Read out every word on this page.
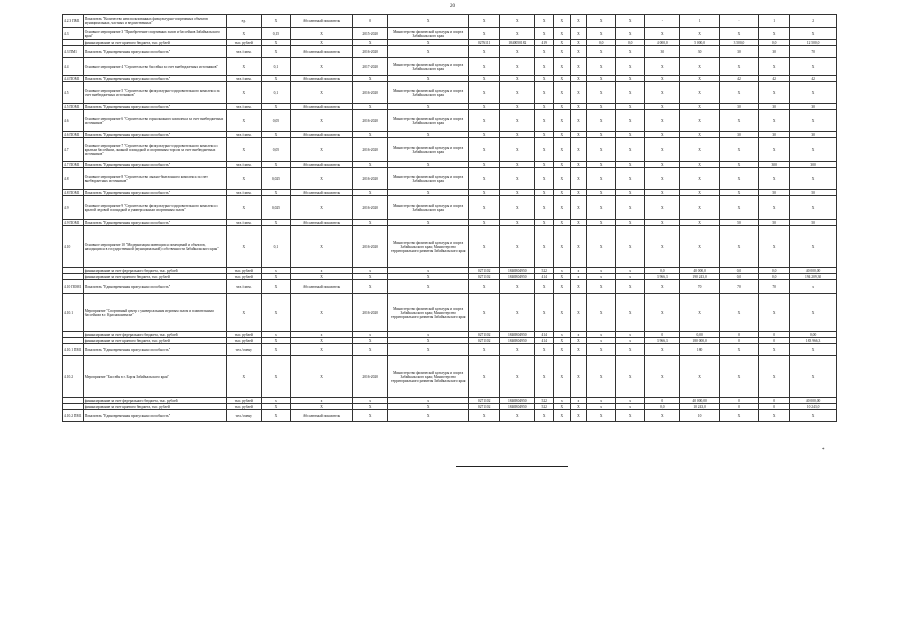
20
4.2.3 ПМ1	Показатель "Количество неиспользованных физкультурно-спортивных объектов муниципальных, частных и ведомственных"	ед.	X	Абсолютный показатель	0	X	X	X	X	X	X	X	X	-	1	-	1	2
4.3	Основное мероприятие 3 "Приобретение спортивных залов и бассейнов Забайкальского края"	X	0,15	X	2015-2020	Министерство физической культуры и спорта Забайкальского края	X	X	X	X	X	X	X	X	X	X	X	X
	финансирование за счет краевого бюджета, тыс. рублей	тыс. рублей	X	X	X	X	0276111	1840050182	419	X	X	0,0	0,0	4 000,0	5 000,0	3 500,0	0,0	12 500,0
4.3 ПМ1	Показатель "Единовременная пропускная способность"	чел./смен.	X	Абсолютный показатель	2016-2020	X	X	X	X	X	X	X	X	30	30	30	30	70
4.4	Основное мероприятие 4 "Строительство бассейна за счет внебюджетных источников"	X	0,1	X	2017-2020	Министерство физической культуры и спорта Забайкальского края	X	X	X	X	X	X	X	X	X	X	X	X
4.4 ПОМ1	Показатель "Единовременная пропускная способность"	чел./смен.	X	Абсолютный показатель	X	X	X	X	X	X	X	X	X	X	X	42	42	42
4.5	Основное мероприятие 5 "Строительство физкультурно-оздоровительного комплекса за счет внебюджетных источников"	X	0,1	X	2016-2020	Министерство физической культуры и спорта Забайкальского края	X	X	X	X	X	X	X	X	X	X	X	X
4.5 ПОМ1	Показатель "Единовременная пропускная способность"	чел./смен.	X	Абсолютный показатель	X	X	X	X	X	X	X	X	X	X	X	30	30	30
4.6	Основное мероприятие 6 "Строительство горнолыжного комплекса за счет внебюджетных источников"	X	0,05	X	2016-2020	Министерство физической культуры и спорта Забайкальского края	X	X	X	X	X	X	X	X	X	X	X	X
4.6 ПОМ1	Показатель "Единовременная пропускная способность"	чел./смен.	X	Абсолютный показатель	X	X	X	X	X	X	X	X	X	X	X	30	30	30
4.7	Основное мероприятие 7 "Строительство физкультурно-оздоровительного комплекса с крытым бассейном, лыжной площадкой и спортивным торсом за счет внебюджетных источников"	X	0,05	X	2016-2020	Министерство физической культуры и спорта Забайкальского края	X	X	X	X	X	X	X	X	X	X	X	X
4.7 ПОМ1	Показатель "Единовременная пропускная способность"	чел./смен.	X	Абсолютный показатель	X	X	X	X	X	X	X	X	X	X	X	X	300	300
4.8	Основное мероприятие 8 "Строительство лыжно-биатлонного комплекса за счет внебюджетных источников"	X	0,025	X	2016-2020	Министерство физической культуры и спорта Забайкальского края	X	X	X	X	X	X	X	X	X	X	X	X
4.8 ПОМ1	Показатель "Единовременная пропускная способность"	чел./смен.	X	Абсолютный показатель	X	X	X	X	X	X	X	X	X	X	X	X	50	50
4.9	Основное мероприятие 9 "Строительство физкультурно-оздоровительного комплекса с крытой ледовой площадкой и универсальным спортивным залом"	X	0,025	X	2016-2020	Министерство физической культуры и спорта Забайкальского края	X	X	X	X	X	X	X	X	X	X	X	X
4.9 ПОМ1	Показатель "Единовременная пропускная способность"	чел./смен.	X	Абсолютный показатель	X	X	X	X	X	X	X	X	X	X	X	50	50	50
4.10	Основное мероприятие 10 "Модернизация имеющихся помещений и объектов, находящихся в государственной (муниципальной) собственности Забайкальского края"	X	0,1	X	2016-2020	Министерство физической культуры и спорта Забайкальского края; Министерство территориального развития Забайкальского края	X	X	X	X	X	X	X	X	X	X	X	X
	финансирование за счет федерального бюджета, тыс. рублей	тыс. рублей	x	x	x	x	0271102	1840R04950	522	x	x	x	x	0,0	40 000,0	0,0	0,0	40 000,00
	финансирование за счет краевого бюджета, тыс. рублей	тыс. рублей	X	X	X	X	0271102	1840R04950	414	X	x	x	x	3 966,3	190 243,0	0,0	0,0	194 209,30
4.10 ПОМ1	Показатель "Единовременная пропускная способность"	чел./смен.	X	Абсолютный показатель	X	X	X	X	X	X	X	X	X	X	70	70	70	x
4.10.1	Мероприятие "Спортивный центр с универсальным игровым залом и плавательным бассейном в г. Краснокаменске"	X	X	X	2016-2020	Министерство физической культуры и спорта Забайкальского края; Министерство территориального развития Забайкальского края	X	X	X	X	X	X	X	X	X	X	X	X
	финансирование за счет федерального бюджета, тыс. рублей	тыс. рублей	x	x	x	x	0271102	1840R04950	414	x	x	x	x	0	0,00	0	0	0,00
	финансирование за счет краевого бюджета, тыс. рублей	тыс. рублей	X	X	X	X	0271102	1840R04950	414	X	X	x	x	3 966,3	180 000,0	0	0	183 966,3
4.10.1 ПМ1	Показатель "Единовременная пропускная способность"	чел./смену	X	X	X	X	X	X	X	X	X	X	X	X	180	X	X	X
4.10.2	Мероприятие "Бассейн в г. Борзя Забайкальского края"	X	X	X	2016-2020	Министерство физической культуры и спорта Забайкальского края; Министерство территориального развития Забайкальского края	X	X	X	X	X	X	X	X	X	X	X	X
	финансирование за счет федерального бюджета, тыс. рублей	тыс. рублей	x	x	x	x	0271102	1840R04950	522	x	x	x	x	0	40 000,00	0	0	40 000,00
	финансирование за счет краевого бюджета, тыс. рублей	тыс. рублей	X	X	X	X	0271102	1840R04950	522	X	X	x	x	0,0	10 243,0	0	0	10 243,0
4.10.2 ПМ1	Показатель "Единовременная пропускная способность"	чел./смену	X	Абсолютный показатель	X	X	X	X	X	X	X	X	X	X	10	X	X	X
*
